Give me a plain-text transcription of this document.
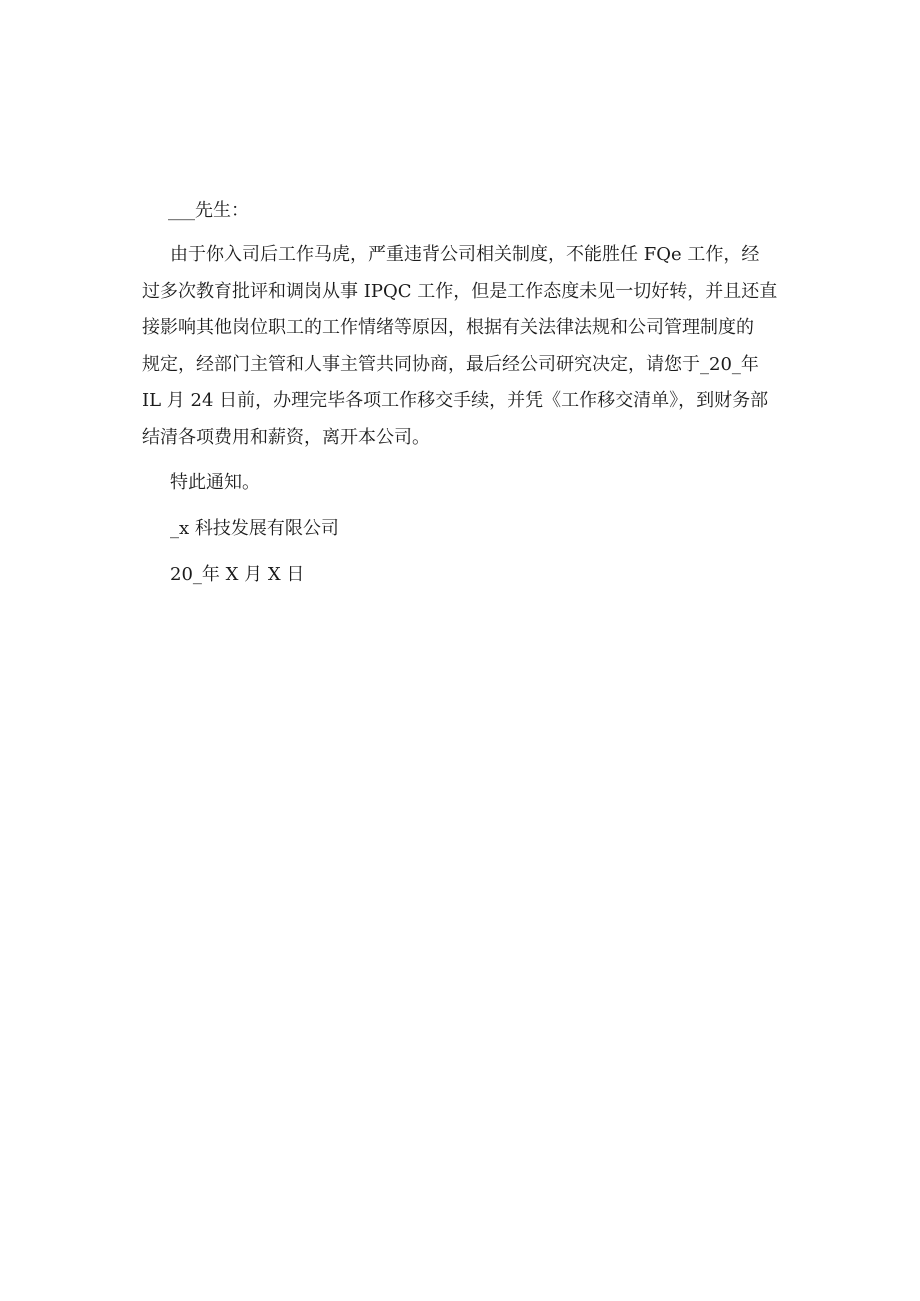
___先生：

由于你入司后工作马虎，严重违背公司相关制度，不能胜任 FQe 工作，经
过多次教育批评和调岗从事 IPQC 工作，但是工作态度未见一切好转，并且还直
接影响其他岗位职工的工作情绪等原因，根据有关法律法规和公司管理制度的
规定，经部门主管和人事主管共同协商，最后经公司研究决定，请您于_20_年
IL 月 24 日前，办理完毕各项工作移交手续，并凭《工作移交清单》，到财务部
结清各项费用和薪资，离开本公司。

特此通知。

_x 科技发展有限公司

20_年 X 月 X 日
